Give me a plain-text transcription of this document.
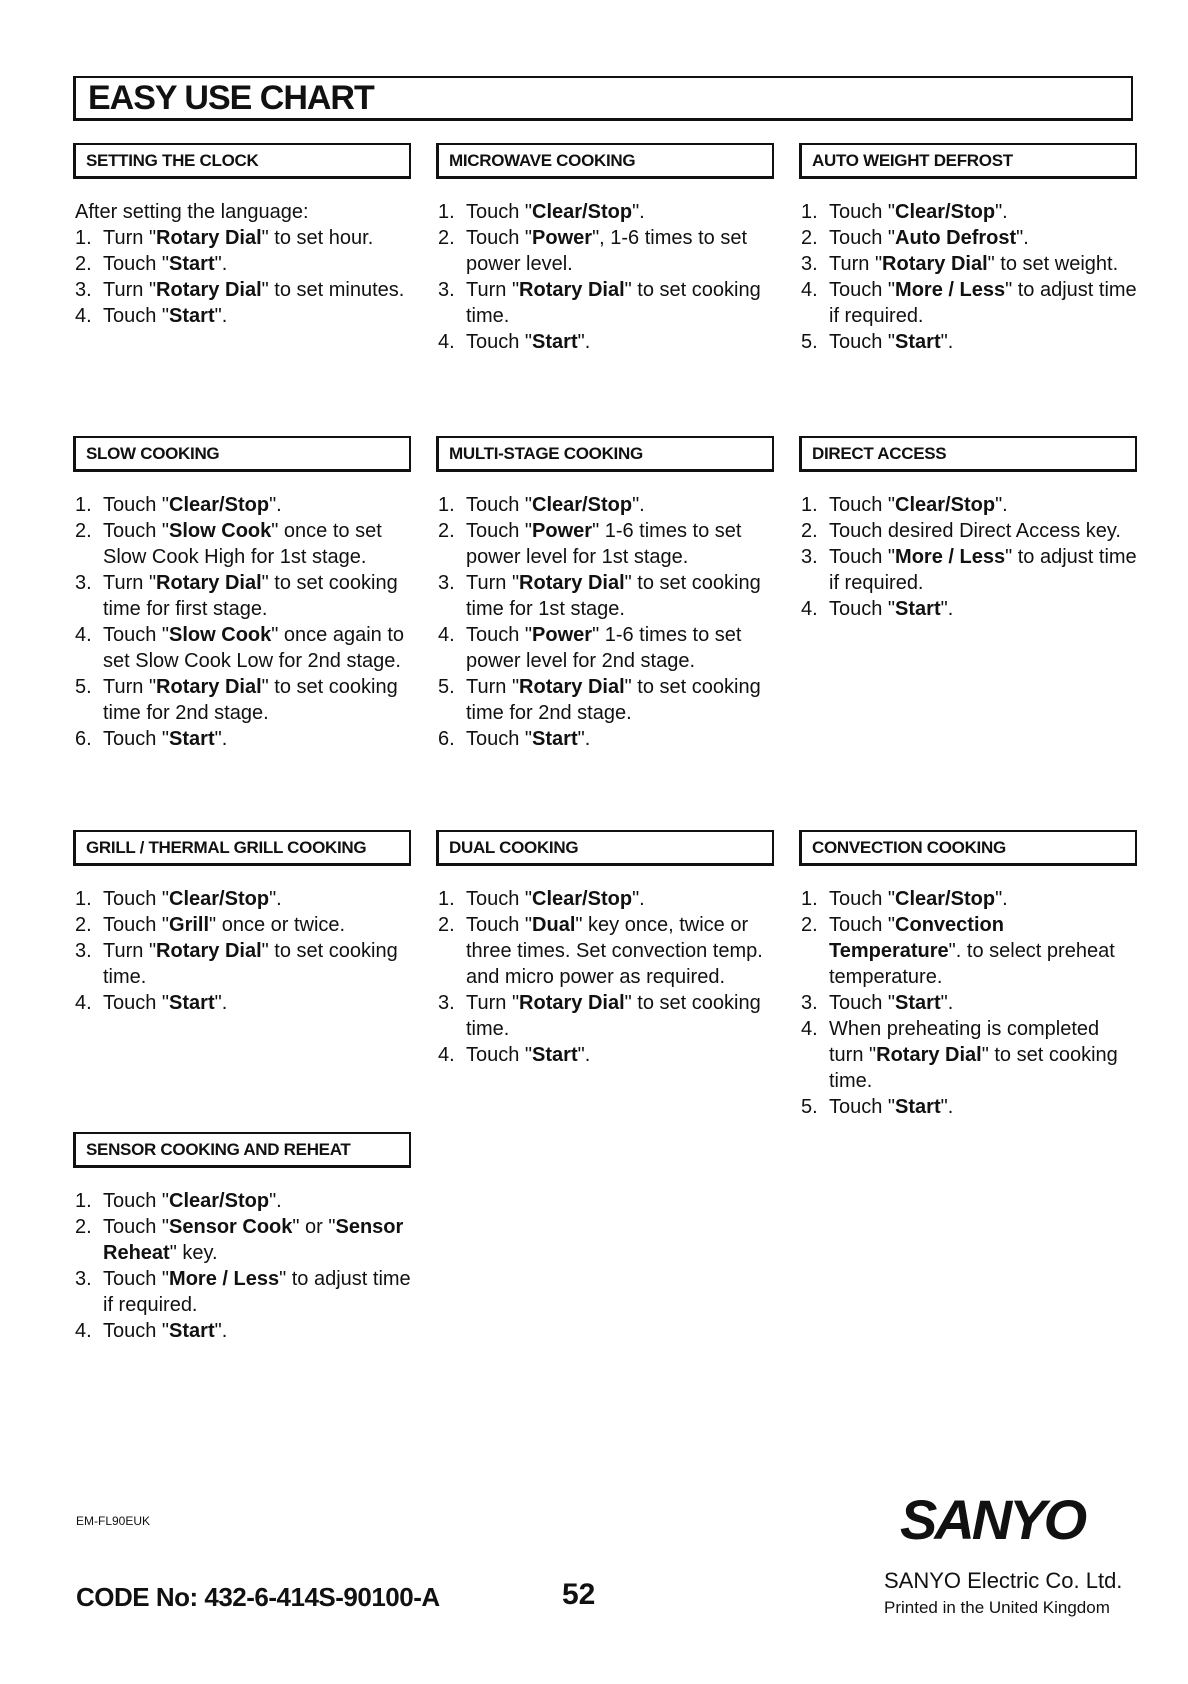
EASY USE CHART
SETTING THE CLOCK
After setting the language:
1. Turn "Rotary Dial" to set hour.
2. Touch "Start".
3. Turn "Rotary Dial" to set minutes.
4. Touch "Start".
MICROWAVE COOKING
1. Touch "Clear/Stop".
2. Touch "Power", 1-6 times to set power level.
3. Turn "Rotary Dial" to set cooking time.
4. Touch "Start".
AUTO WEIGHT DEFROST
1. Touch "Clear/Stop".
2. Touch "Auto Defrost".
3. Turn "Rotary Dial" to set weight.
4. Touch "More / Less" to adjust time if required.
5. Touch "Start".
SLOW COOKING
1. Touch "Clear/Stop".
2. Touch "Slow Cook" once to set Slow Cook High for 1st stage.
3. Turn "Rotary Dial" to set cooking time for first stage.
4. Touch "Slow Cook" once again to set Slow Cook Low for 2nd stage.
5. Turn "Rotary Dial" to set cooking time for 2nd stage.
6. Touch "Start".
MULTI-STAGE COOKING
1. Touch "Clear/Stop".
2. Touch "Power" 1-6 times to set power level for 1st stage.
3. Turn "Rotary Dial" to set cooking time for 1st stage.
4. Touch "Power" 1-6 times to set power level for 2nd stage.
5. Turn "Rotary Dial" to set cooking time for 2nd stage.
6. Touch "Start".
DIRECT ACCESS
1. Touch "Clear/Stop".
2. Touch desired Direct Access key.
3. Touch "More / Less" to adjust time if required.
4. Touch "Start".
GRILL / THERMAL GRILL COOKING
1. Touch "Clear/Stop".
2. Touch "Grill" once or twice.
3. Turn "Rotary Dial" to set cooking time.
4. Touch "Start".
DUAL COOKING
1. Touch "Clear/Stop".
2. Touch "Dual" key once, twice or three times. Set convection temp. and micro power as required.
3. Turn "Rotary Dial" to set cooking time.
4. Touch "Start".
CONVECTION COOKING
1. Touch "Clear/Stop".
2. Touch "Convection Temperature". to select preheat temperature.
3. Touch "Start".
4. When preheating is completed turn "Rotary Dial" to set cooking time.
5. Touch "Start".
SENSOR COOKING AND REHEAT
1. Touch "Clear/Stop".
2. Touch "Sensor Cook" or "Sensor Reheat" key.
3. Touch "More / Less" to adjust time if required.
4. Touch "Start".
EM-FL90EUK
CODE No: 432-6-414S-90100-A	52
SANYO
SANYO Electric Co. Ltd.
Printed in the United Kingdom
